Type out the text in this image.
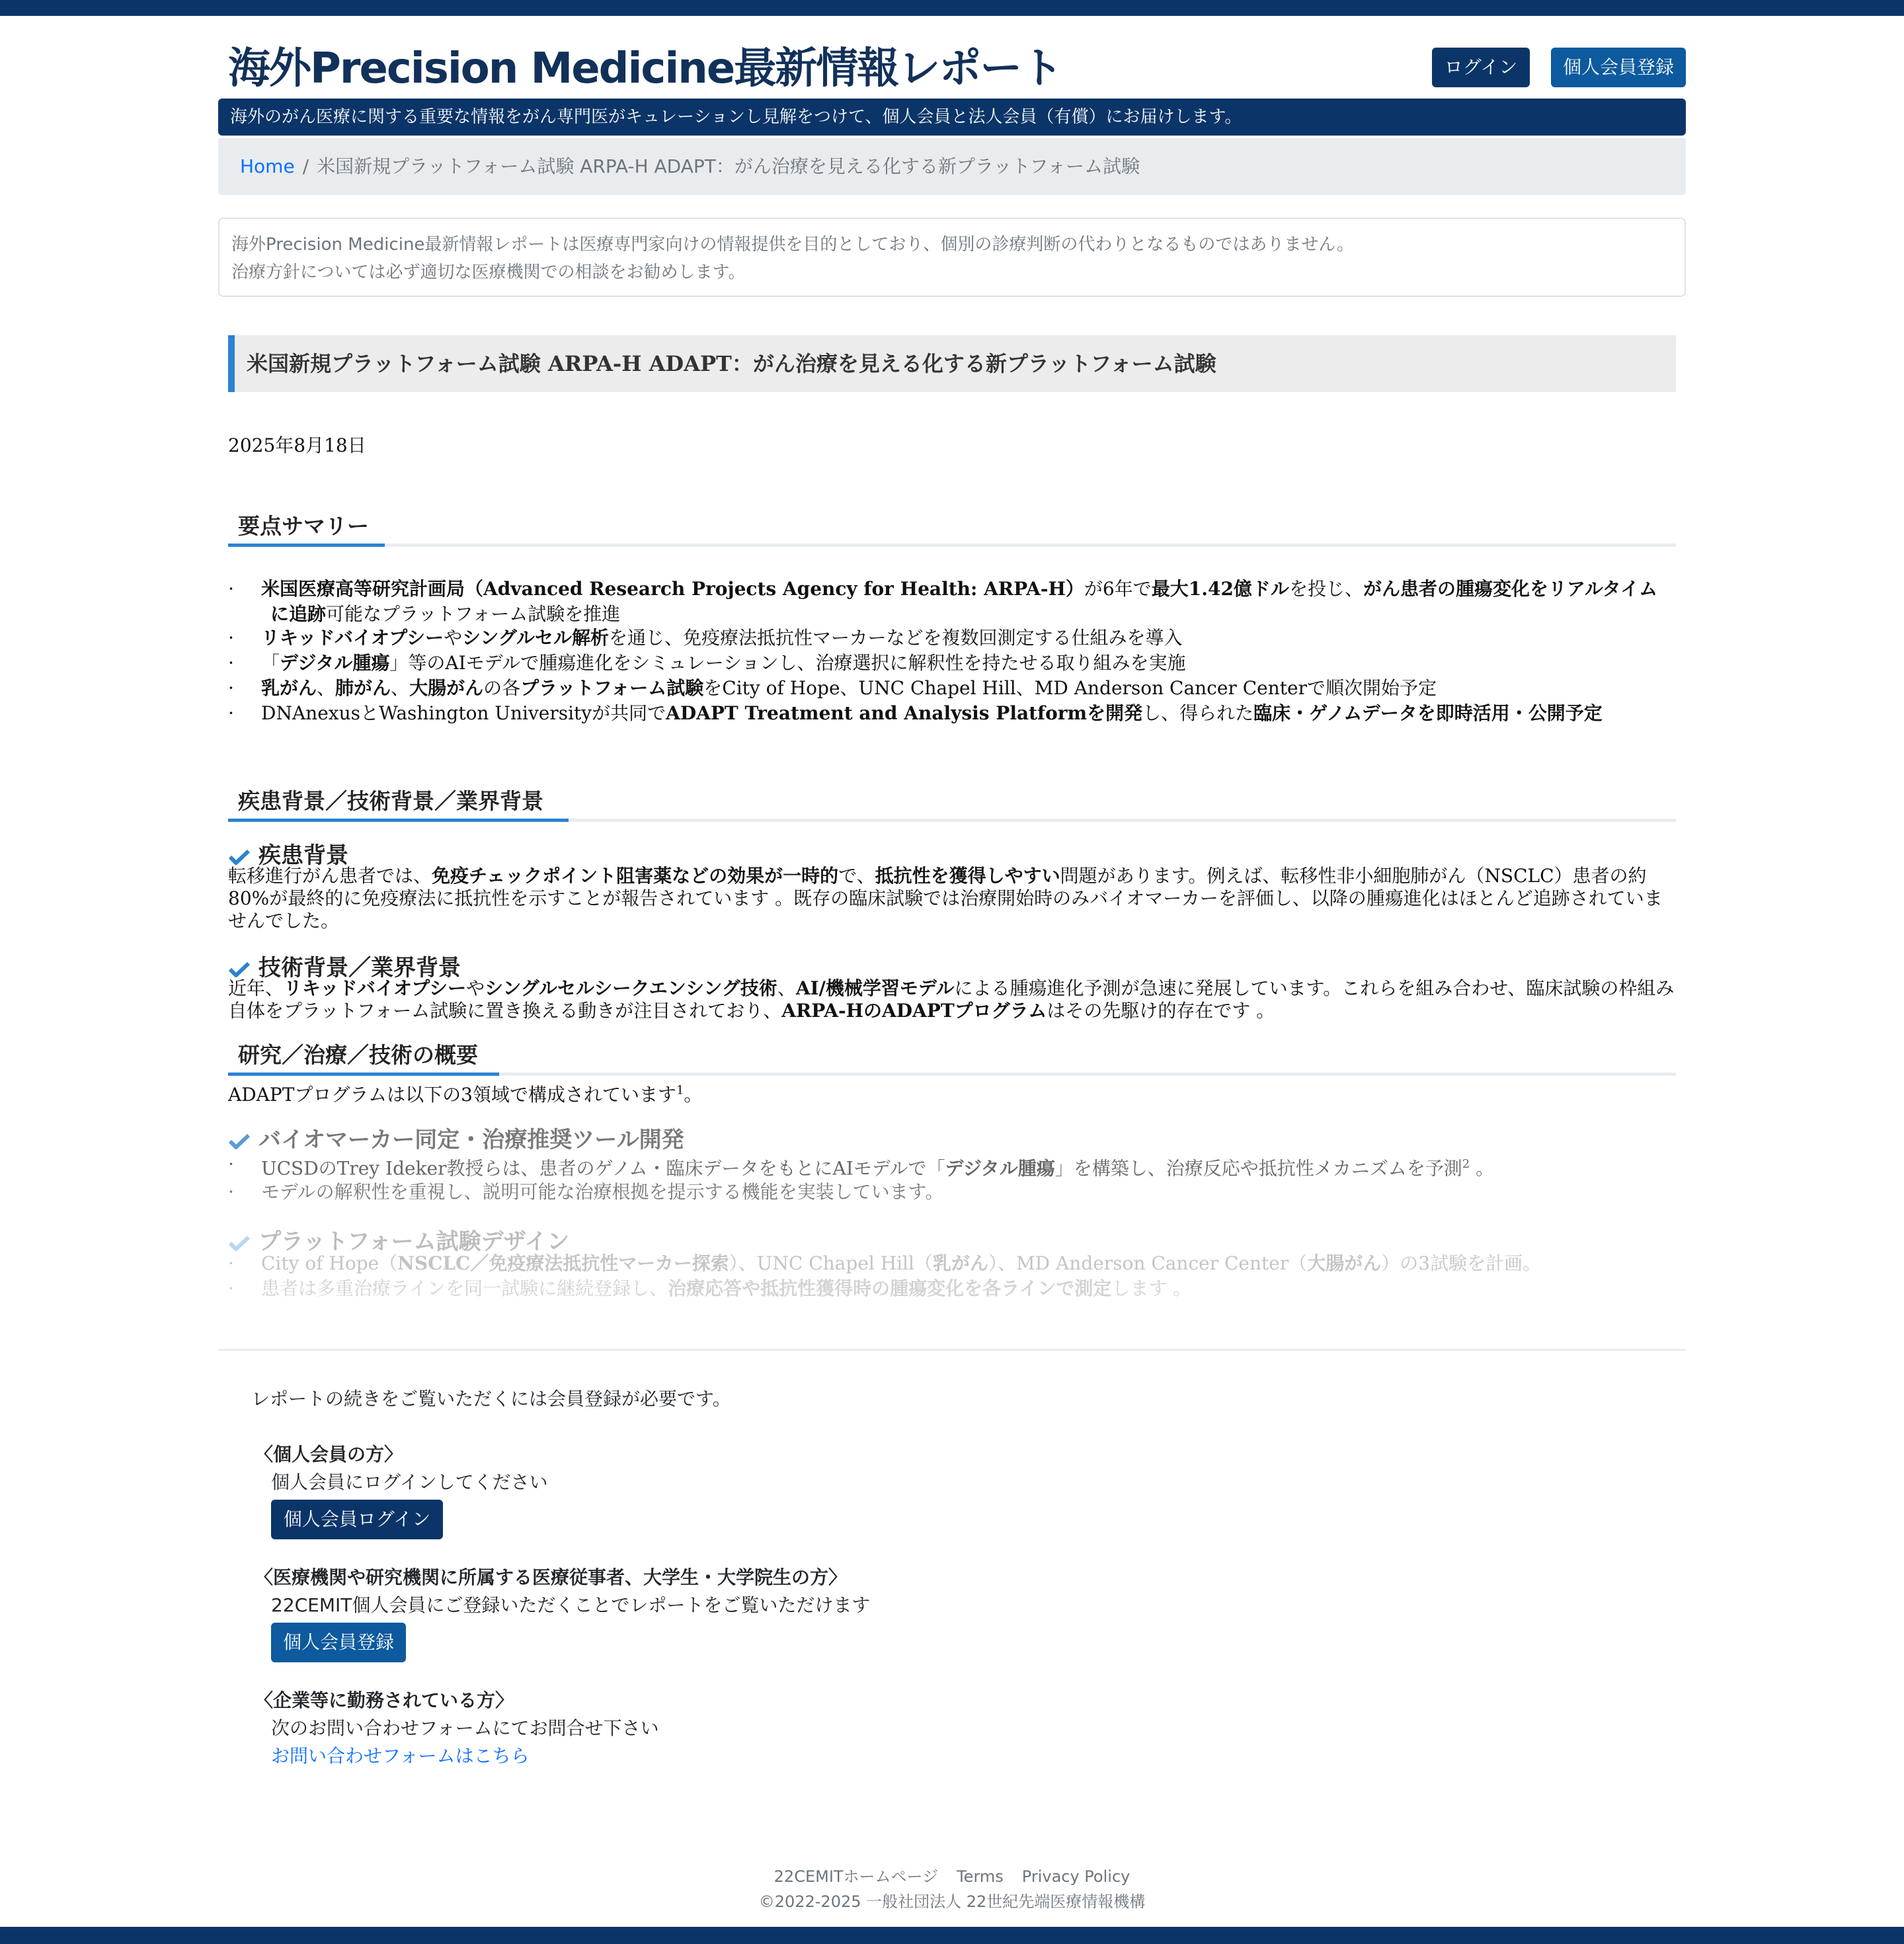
海外Precision Medicine最新情報レポート	ログイン	個人会員登録
海外のがん医療に関する重要な情報をがん専門医がキュレーションし見解をつけて、個人会員と法人会員（有償）にお届けします。
Home / 米国新規プラットフォーム試験 ARPA-H ADAPT：がん治療を見える化する新プラットフォーム試験
海外Precision Medicine最新情報レポートは医療専門家向けの情報提供を目的としており、個別の診療判断の代わりとなるものではありません。
治療方針については必ず適切な医療機関での相談をお勧めします。
米国新規プラットフォーム試験 ARPA-H ADAPT：がん治療を見える化する新プラットフォーム試験
2025年8月18日
要点サマリー
· 米国医療高等研究計画局（Advanced Research Projects Agency for Health: ARPA-H）が6年で最大1.42億ドルを投じ、がん患者の腫瘍変化をリアルタイム
に追跡可能なプラットフォーム試験を推進
· リキッドバイオプシーやシングルセル解析を通じ、免疫療法抵抗性マーカーなどを複数回測定する仕組みを導入
· 「デジタル腫瘍」等のAIモデルで腫瘍進化をシミュレーションし、治療選択に解釈性を持たせる取り組みを実施
· 乳がん、肺がん、大腸がんの各プラットフォーム試験をCity of Hope、UNC Chapel Hill、MD Anderson Cancer Centerで順次開始予定
· DNAnexusとWashington Universityが共同でADAPT Treatment and Analysis Platformを開発し、得られた臨床・ゲノムデータを即時活用・公開予定
疾患背景／技術背景／業界背景
疾患背景
転移進行がん患者では、免疫チェックポイント阻害薬などの効果が一時的で、抵抗性を獲得しやすい問題があります。例えば、転移性非小細胞肺がん（NSCLC）患者の約80%が最終的に免疫療法に抵抗性を示すことが報告されています 。既存の臨床試験では治療開始時のみバイオマーカーを評価し、以降の腫瘍進化はほとんど追跡されていませんでした。
技術背景／業界背景
近年、リキッドバイオプシーやシングルセルシークエンシング技術、AI/機械学習モデルによる腫瘍進化予測が急速に発展しています。これらを組み合わせ、臨床試験の枠組み自体をプラットフォーム試験に置き換える動きが注目されており、ARPA-HのADAPTプログラムはその先駆け的存在です 。
研究／治療／技術の概要
ADAPTプログラムは以下の3領域で構成されています$^1$。
バイオマーカー同定・治療推奨ツール開発
· UCSDのTrey Ideker教授らは、患者のゲノム・臨床データをもとにAIモデルで「デジタル腫瘍」を構築し、治療反応や抵抗性メカニズムを予測$^2$ 。
· モデルの解釈性を重視し、説明可能な治療根拠を提示する機能を実装しています。
プラットフォーム試験デザイン
· City of Hope（NSCLC／免疫療法抵抗性マーカー探索）、UNC Chapel Hill（乳がん）、MD Anderson Cancer Center（大腸がん）の3試験を計画。
· 患者は多重治療ラインを同一試験に継続登録し、治療応答や抵抗性獲得時の腫瘍変化を各ラインで測定します 。
レポートの続きをご覧いただくには会員登録が必要です。
〈個人会員の方〉
個人会員にログインしてください
個人会員ログイン
〈医療機関や研究機関に所属する医療従事者、大学生・大学院生の方〉
22CEMIT個人会員にご登録いただくことでレポートをご覧いただけます
個人会員登録
〈企業等に勤務されている方〉
次のお問い合わせフォームにてお問合せ下さい
お問い合わせフォームはこちら
22CEMITホームページ Terms Privacy Policy
©2022-2025 一般社団法人 22世紀先端医療情報機構
